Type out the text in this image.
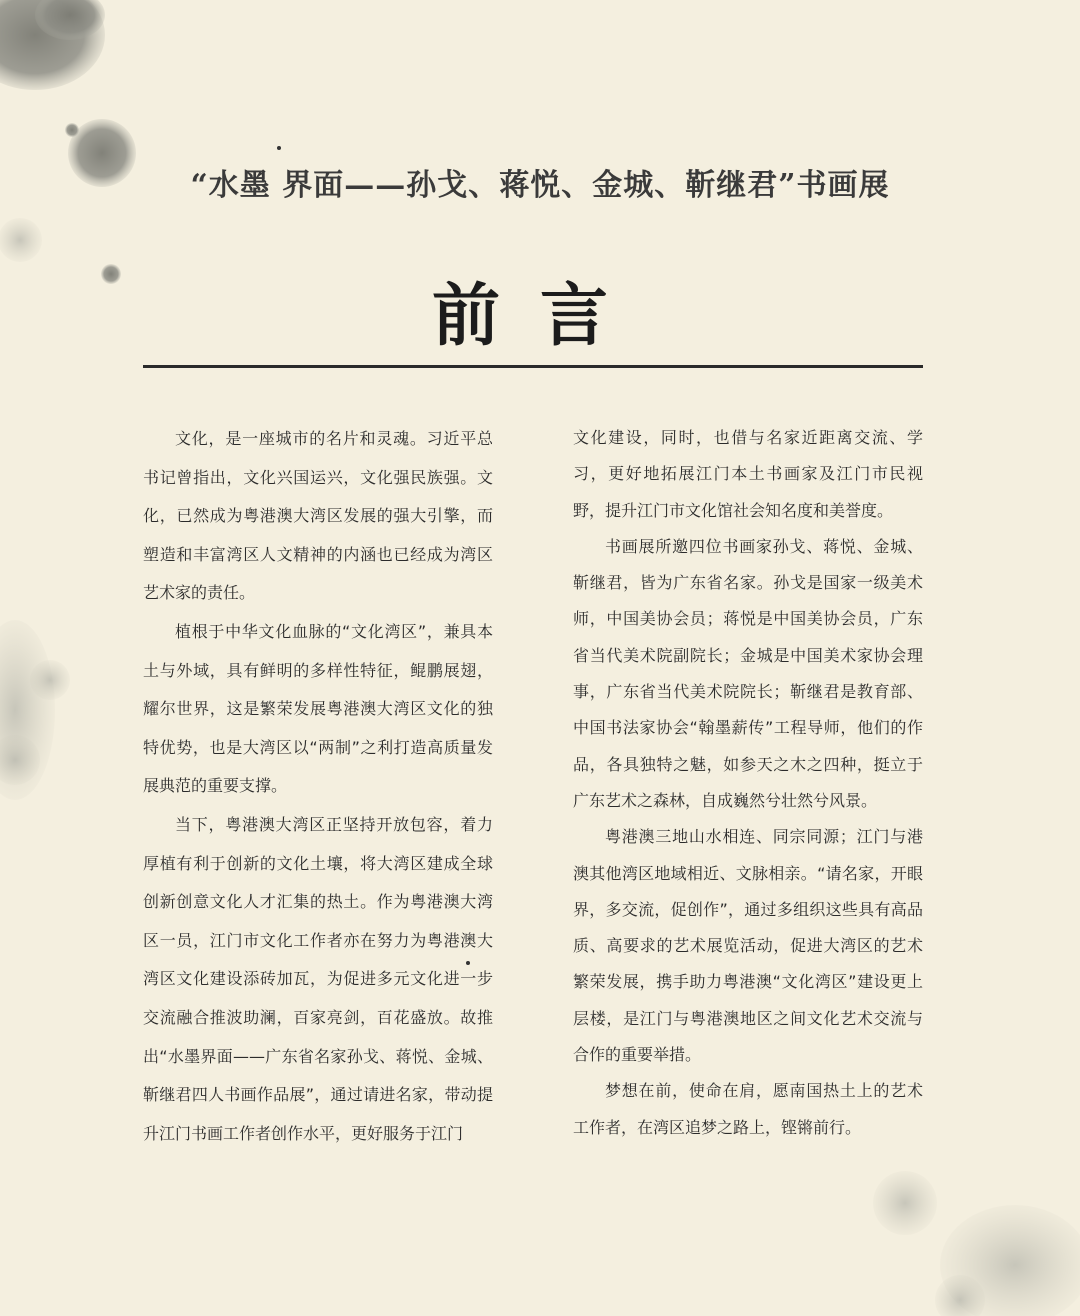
“水墨 界面——孙戈、蒋悦、金城、靳继君”书画展
前言

文化，是一座城市的名片和灵魂。习近平总书记曾指出，文化兴国运兴，文化强民族强。文化，已然成为粤港澳大湾区发展的强大引擎，而塑造和丰富湾区人文精神的内涵也已经成为湾区艺术家的责任。

植根于中华文化血脉的“文化湾区”，兼具本土与外域，具有鲜明的多样性特征，鲲鹏展翅，耀尔世界，这是繁荣发展粤港澳大湾区文化的独特优势，也是大湾区以“两制”之利打造高质量发展典范的重要支撑。

当下，粤港澳大湾区正坚持开放包容，着力厚植有利于创新的文化土壤，将大湾区建成全球创新创意文化人才汇集的热土。作为粤港澳大湾区一员，江门市文化工作者亦在努力为粤港澳大湾区文化建设添砖加瓦，为促进多元文化进一步交流融合推波助澜，百家亮剑，百花盛放。故推出“水墨界面——广东省名家孙戈、蒋悦、金城、靳继君四人书画作品展”，通过请进名家，带动提升江门书画工作者创作水平，更好服务于江门

文化建设，同时，也借与名家近距离交流、学习，更好地拓展江门本土书画家及江门市民视野，提升江门市文化馆社会知名度和美誉度。

书画展所邀四位书画家孙戈、蒋悦、金城、靳继君，皆为广东省名家。孙戈是国家一级美术师，中国美协会员；蒋悦是中国美协会员，广东省当代美术院副院长；金城是中国美术家协会理事，广东省当代美术院院长；靳继君是教育部、中国书法家协会“翰墨薪传”工程导师，他们的作品，各具独特之魅，如参天之木之四种，挺立于广东艺术之森林，自成巍然兮壮然兮风景。

粤港澳三地山水相连、同宗同源；江门与港澳其他湾区地域相近、文脉相亲。“请名家，开眼界，多交流，促创作”，通过多组织这些具有高品质、高要求的艺术展览活动，促进大湾区的艺术繁荣发展，携手助力粤港澳“文化湾区”建设更上层楼，是江门与粤港澳地区之间文化艺术交流与合作的重要举措。

梦想在前，使命在肩，愿南国热土上的艺术工作者，在湾区追梦之路上，铿锵前行。
